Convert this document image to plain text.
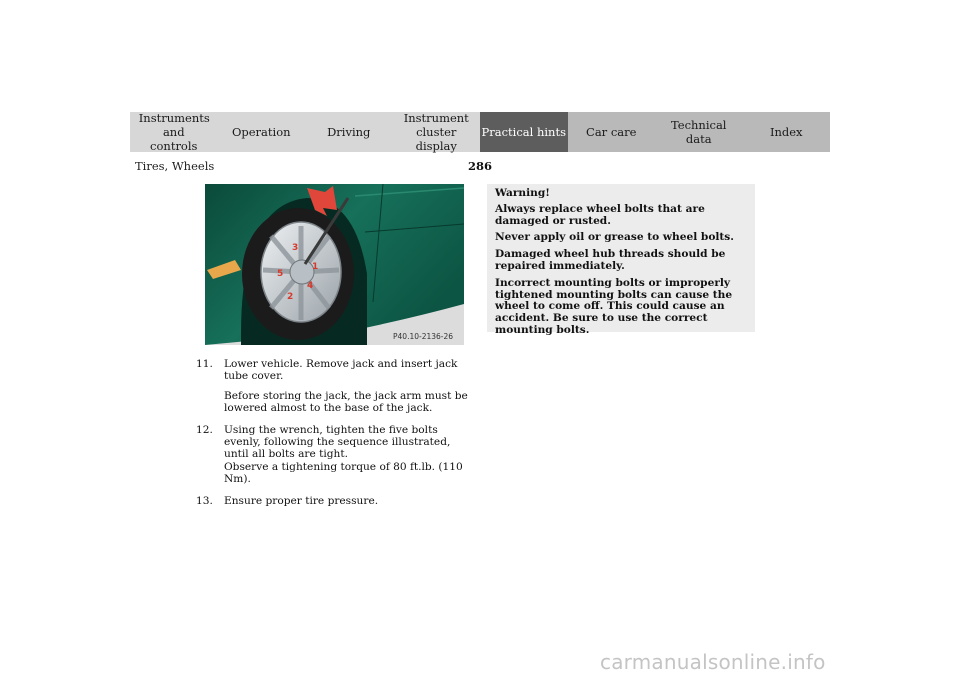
Instruments and controls
Operation	Driving
Instrument cluster display
Practical hints Car care	Technical data	Index
Tires, Wheels	286
1
2
3
4
5
P40.10-2136-26
11. Lower vehicle. Remove jack and insert jack tube cover.

Before storing the jack, the jack arm must be lowered almost to the base of the jack.

12. Using the wrench, tighten the five bolts evenly, following the sequence illustrated, until all bolts are tight.

Observe a tightening torque of 80 ft.lb. (110 Nm).

13. Ensure proper tire pressure.

Warning!

Always replace wheel bolts that are damaged or rusted.

Never apply oil or grease to wheel bolts.

Damaged wheel hub threads should be repaired immediately.

Incorrect mounting bolts or improperly tightened mounting bolts can cause the wheel to come off. This could cause an accident. Be sure to use the correct mounting bolts.

carmanualsonline.info
